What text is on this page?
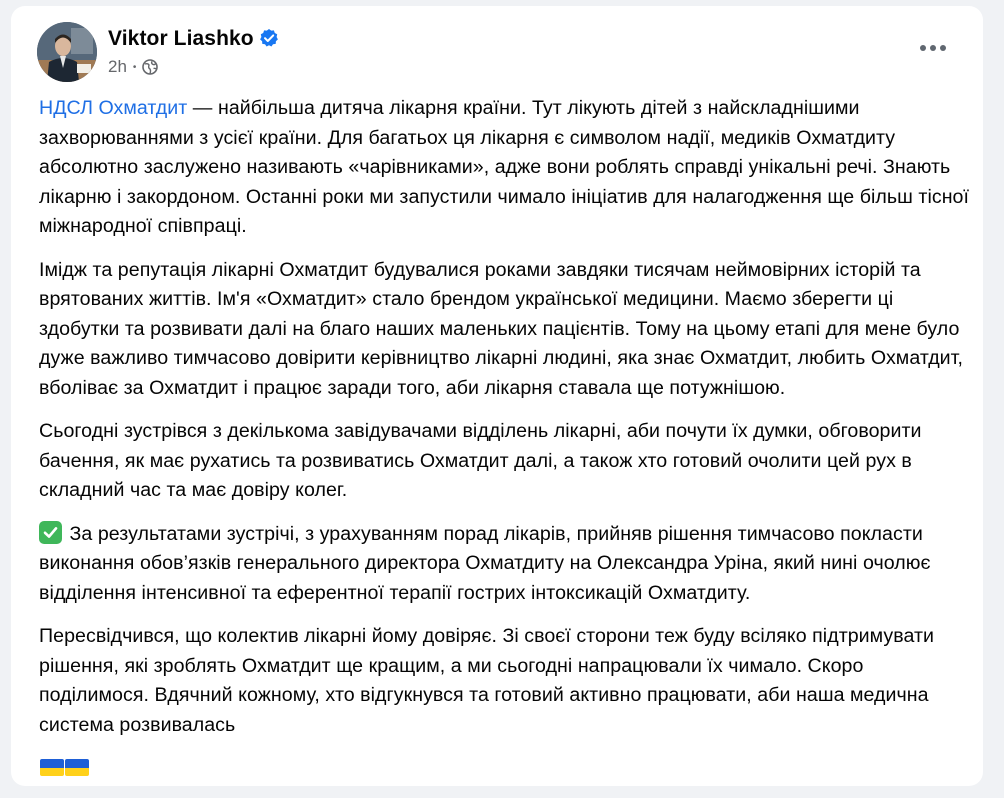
Viktor Liashko
2h •

НДСЛ Охматдит — найбільша дитяча лікарня країни. Тут лікують дітей з найскладнішими захворюваннями з усієї країни. Для багатьох ця лікарня є символом надії, медиків Охматдиту абсолютно заслужено називають «чарівниками», адже вони роблять справді унікальні речі. Знають лікарню і закордоном. Останні роки ми запустили чимало ініціатив для налагодження ще більш тісної міжнародної співпраці.

Імідж та репутація лікарні Охматдит будувалися роками завдяки тисячам неймовірних історій та врятованих життів. Ім'я «Охматдит» стало брендом української медицини. Маємо зберегти ці здобутки та розвивати далі на благо наших маленьких пацієнтів. Тому на цьому етапі для мене було дуже важливо тимчасово довірити керівництво лікарні людині, яка знає Охматдит, любить Охматдит, вболіває за Охматдит і працює заради того, аби лікарня ставала ще потужнішою.

Сьогодні зустрівся з декількома завідувачами відділень лікарні, аби почути їх думки, обговорити бачення, як має рухатись та розвиватись Охматдит далі, а також хто готовий очолити цей рух в складний час та має довіру колег.

За результатами зустрічі, з урахуванням порад лікарів, прийняв рішення тимчасово покласти виконання обов’язків генерального директора Охматдиту на Олександра Уріна, який нині очолює відділення інтенсивної та еферентної терапії гострих інтоксикацій Охматдиту.

Пересвідчився, що колектив лікарні йому довіряє. Зі своєї сторони теж буду всіляко підтримувати рішення, які зроблять Охматдит ще кращим, а ми сьогодні напрацювали їх чимало. Скоро поділимося. Вдячний кожному, хто відгукнувся та готовий активно працювати, аби наша медична система розвивалась
